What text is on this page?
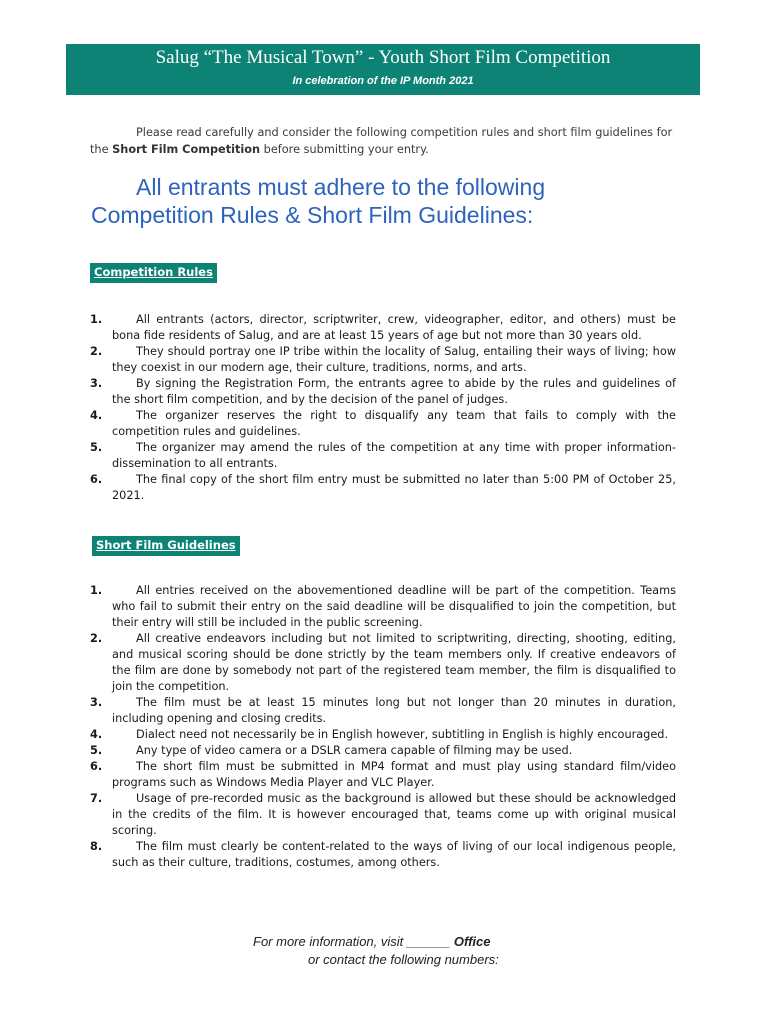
Salug “The Musical Town” - Youth Short Film Competition
In celebration of the IP Month 2021
Please read carefully and consider the following competition rules and short film guidelines for the Short Film Competition before submitting your entry.
All entrants must adhere to the following
Competition Rules & Short Film Guidelines:
Competition Rules
1.	All entrants (actors, director, scriptwriter, crew, videographer, editor, and others) must be bona fide residents of Salug, and are at least 15 years of age but not more than 30 years old.
2.	They should portray one IP tribe within the locality of Salug, entailing their ways of living; how they coexist in our modern age, their culture, traditions, norms, and arts.
3.	By signing the Registration Form, the entrants agree to abide by the rules and guidelines of the short film competition, and by the decision of the panel of judges.
4.	The organizer reserves the right to disqualify any team that fails to comply with the competition rules and guidelines.
5.	The organizer may amend the rules of the competition at any time with proper information-dissemination to all entrants.
6.	The final copy of the short film entry must be submitted no later than 5:00 PM of October 25, 2021.
Short Film Guidelines
1.	All entries received on the abovementioned deadline will be part of the competition. Teams who fail to submit their entry on the said deadline will be disqualified to join the competition, but their entry will still be included in the public screening.
2.	All creative endeavors including but not limited to scriptwriting, directing, shooting, editing, and musical scoring should be done strictly by the team members only. If creative endeavors of the film are done by somebody not part of the registered team member, the film is disqualified to join the competition.
3.	The film must be at least 15 minutes long but not longer than 20 minutes in duration, including opening and closing credits.
4.	Dialect need not necessarily be in English however, subtitling in English is highly encouraged.
5.	Any type of video camera or a DSLR camera capable of filming may be used.
6.	The short film must be submitted in MP4 format and must play using standard film/video programs such as Windows Media Player and VLC Player.
7.	Usage of pre-recorded music as the background is allowed but these should be acknowledged in the credits of the film. It is however encouraged that, teams come up with original musical scoring.
8.	The film must clearly be content-related to the ways of living of our local indigenous people, such as their culture, traditions, costumes, among others.
For more information, visit ______ Office
or contact the following numbers:
